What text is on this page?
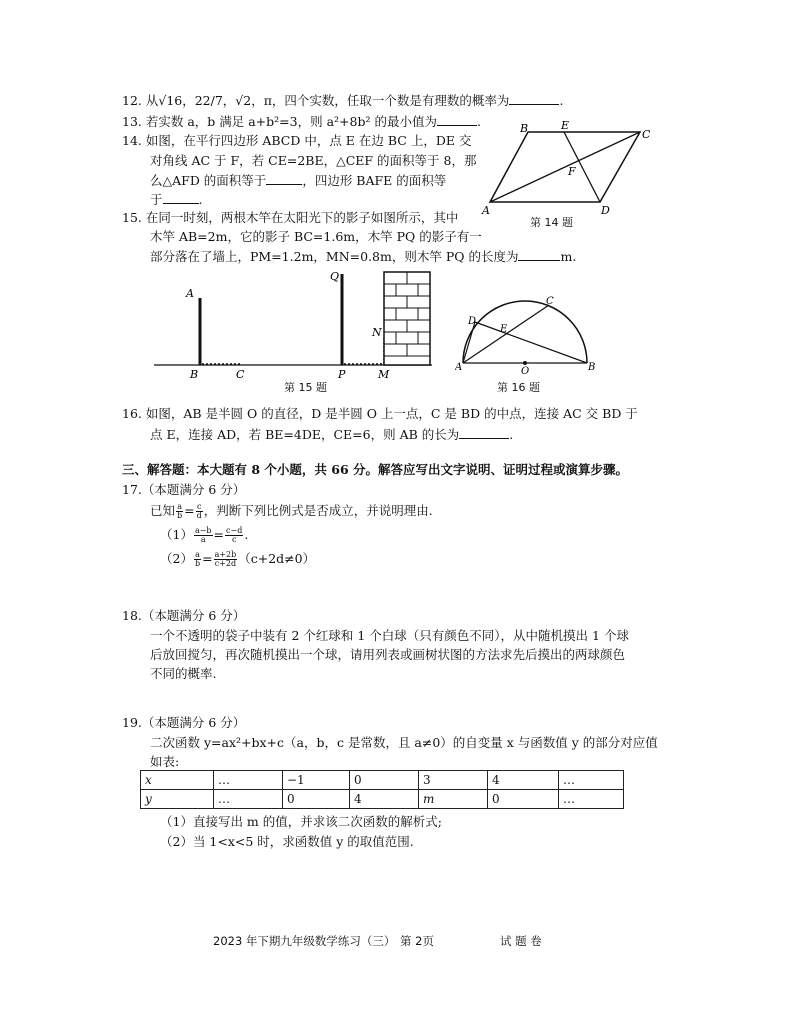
12. 从√16，22/7，√2，π，四个实数，任取一个数是有理数的概率为	.
13. 若实数 a，b 满足 a+b²=3，则 a²+8b² 的最小值为	.
14. 如图，在平行四边形 ABCD 中，点 E 在边 BC 上，DE 交
对角线 AC 于 F，若 CE=2BE，△CEF 的面积等于 8，那
么△AFD 的面积等于	，四边形 BAFE 的面积等
于	.
A
B	C
D
E
F
第 14 题
15. 在同一时刻，两根木竿在太阳光下的影子如图所示，其中
木竿 AB=2m，它的影子 BC=1.6m，木竿 PQ 的影子有一
部分落在了墙上，PM=1.2m，MN=0.8m，则木竿 PQ 的长度为	m.
A
B	C
Q
P	M
N
第 15 题
A	B
C
D
E
O
第 16 题
16. 如图，AB 是半圆 O 的直径，D 是半圆 O 上一点，C 是 BD 的中点，连接 AC 交 BD 于
点 E，连接 AD，若 BE=4DE，CE=6，则 AB 的长为	.
三、解答题：本大题有 8 个小题，共 66 分。解答应写出文字说明、证明过程或演算步骤。
17.（本题满分 6 分）
已知 $\frac{a}{b} = \frac{c}{d}$ ，判断下列比例式是否成立，并说明理由.
$(1) \frac{a-b}{a} = \frac{c-d}{c}$ .
$(2) \frac{a}{b} = \frac{a+2b}{c+2d} (c+2d\ne 0)$
18.（本题满分 6 分）
一个不透明的袋子中装有 2 个红球和 1 个白球（只有颜色不同），从中随机摸出 1 个球
后放回搅匀，再次随机摸出一个球，请用列表或画树状图的方法求先后摸出的两球颜色
不同的概率.
19.（本题满分 6 分）
二次函数 y=ax²+bx+c（a，b，c 是常数，且 a≠0）的自变量 x 与函数值 y 的部分对应值
如表:
x	…	−1	0	3	4	…
y	…	0	4	m	0	…
（1）直接写出 m 的值，并求该二次函数的解析式;
（2）当 1<x<5 时，求函数值 y 的取值范围.
2023 年下期九年级数学练习（三） 第 2页	试 题 卷
